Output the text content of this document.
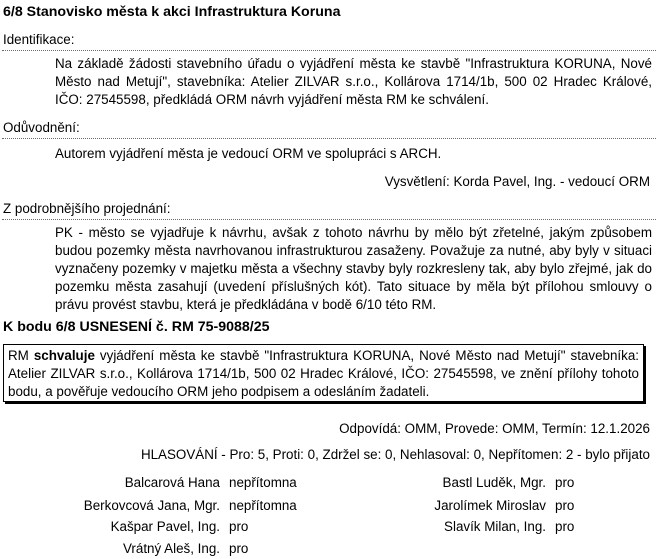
6/8 Stanovisko města k akci Infrastruktura Koruna
Identifikace:
Na základě žádosti stavebního úřadu o vyjádření města ke stavbě "Infrastruktura KORUNA, Nové Město nad Metují", stavebníka: Atelier ZILVAR s.r.o., Kollárova 1714/1b, 500 02 Hradec Králové, IČO: 27545598, předkládá ORM návrh vyjádření města RM ke schválení.
Odůvodnění:
Autorem vyjádření města je vedoucí ORM ve spolupráci s ARCH.
Vysvětlení: Korda Pavel, Ing. - vedoucí ORM
Z podrobnějšího projednání:
PK - město se vyjadřuje k návrhu, avšak z tohoto návrhu by mělo být zřetelné, jakým způsobem budou pozemky města navrhovanou infrastrukturou zasaženy. Považuje za nutné, aby byly v situaci vyznačeny pozemky v majetku města a všechny stavby byly rozkresleny tak, aby bylo zřejmé, jak do pozemku města zasahují (uvedení příslušných kót). Tato situace by měla být přílohou smlouvy o právu provést stavbu, která je předkládána v bodě 6/10 této RM.
K bodu 6/8 USNESENÍ č. RM 75-9088/25
RM schvaluje vyjádření města ke stavbě "Infrastruktura KORUNA, Nové Město nad Metují" stavebníka: Atelier ZILVAR s.r.o., Kollárova 1714/1b, 500 02 Hradec Králové, IČO: 27545598, ve znění přílohy tohoto bodu, a pověřuje vedoucího ORM jeho podpisem a odesláním žadateli.
Odpovídá: OMM, Provede: OMM, Termín: 12.1.2026
HLASOVÁNÍ - Pro: 5, Proti: 0, Zdržel se: 0, Nehlasoval: 0, Nepřítomen: 2 - bylo přijato
Balcarová Hana nepřítomna	Bastl Luděk, Mgr. pro
Berkovcová Jana, Mgr. nepřítomna	Jarolímek Miroslav pro
Kašpar Pavel, Ing. pro	Slavík Milan, Ing. pro
Vrátný Aleš, Ing. pro
